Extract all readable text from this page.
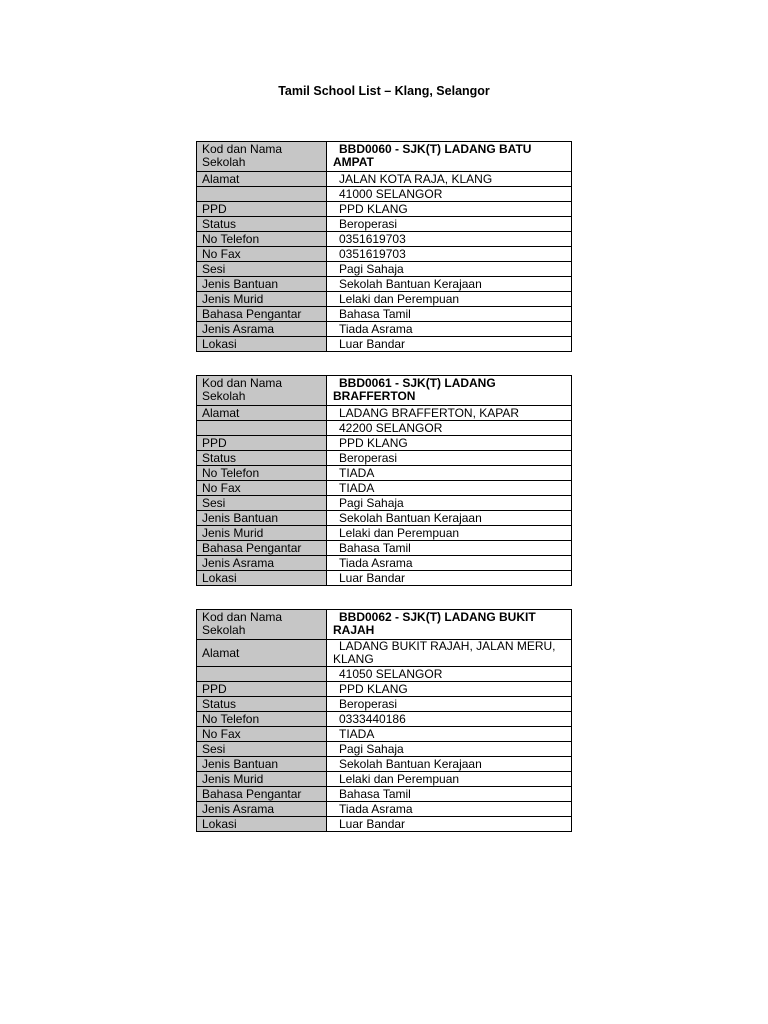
Tamil School List – Klang, Selangor
Kod dan Nama Sekolah	BBD0060 - SJK(T) LADANG BATU AMPAT
Alamat	JALAN KOTA RAJA, KLANG
	41000 SELANGOR
PPD	PPD KLANG
Status	Beroperasi
No Telefon	0351619703
No Fax	0351619703
Sesi	Pagi Sahaja
Jenis Bantuan	Sekolah Bantuan Kerajaan
Jenis Murid	Lelaki dan Perempuan
Bahasa Pengantar	Bahasa Tamil
Jenis Asrama	Tiada Asrama
Lokasi	Luar Bandar
Kod dan Nama Sekolah	BBD0061 - SJK(T) LADANG BRAFFERTON
Alamat	LADANG BRAFFERTON, KAPAR
	42200 SELANGOR
PPD	PPD KLANG
Status	Beroperasi
No Telefon	TIADA
No Fax	TIADA
Sesi	Pagi Sahaja
Jenis Bantuan	Sekolah Bantuan Kerajaan
Jenis Murid	Lelaki dan Perempuan
Bahasa Pengantar	Bahasa Tamil
Jenis Asrama	Tiada Asrama
Lokasi	Luar Bandar
Kod dan Nama Sekolah	BBD0062 - SJK(T) LADANG BUKIT RAJAH
Alamat	LADANG BUKIT RAJAH, JALAN MERU, KLANG
	41050 SELANGOR
PPD	PPD KLANG
Status	Beroperasi
No Telefon	0333440186
No Fax	TIADA
Sesi	Pagi Sahaja
Jenis Bantuan	Sekolah Bantuan Kerajaan
Jenis Murid	Lelaki dan Perempuan
Bahasa Pengantar	Bahasa Tamil
Jenis Asrama	Tiada Asrama
Lokasi	Luar Bandar
